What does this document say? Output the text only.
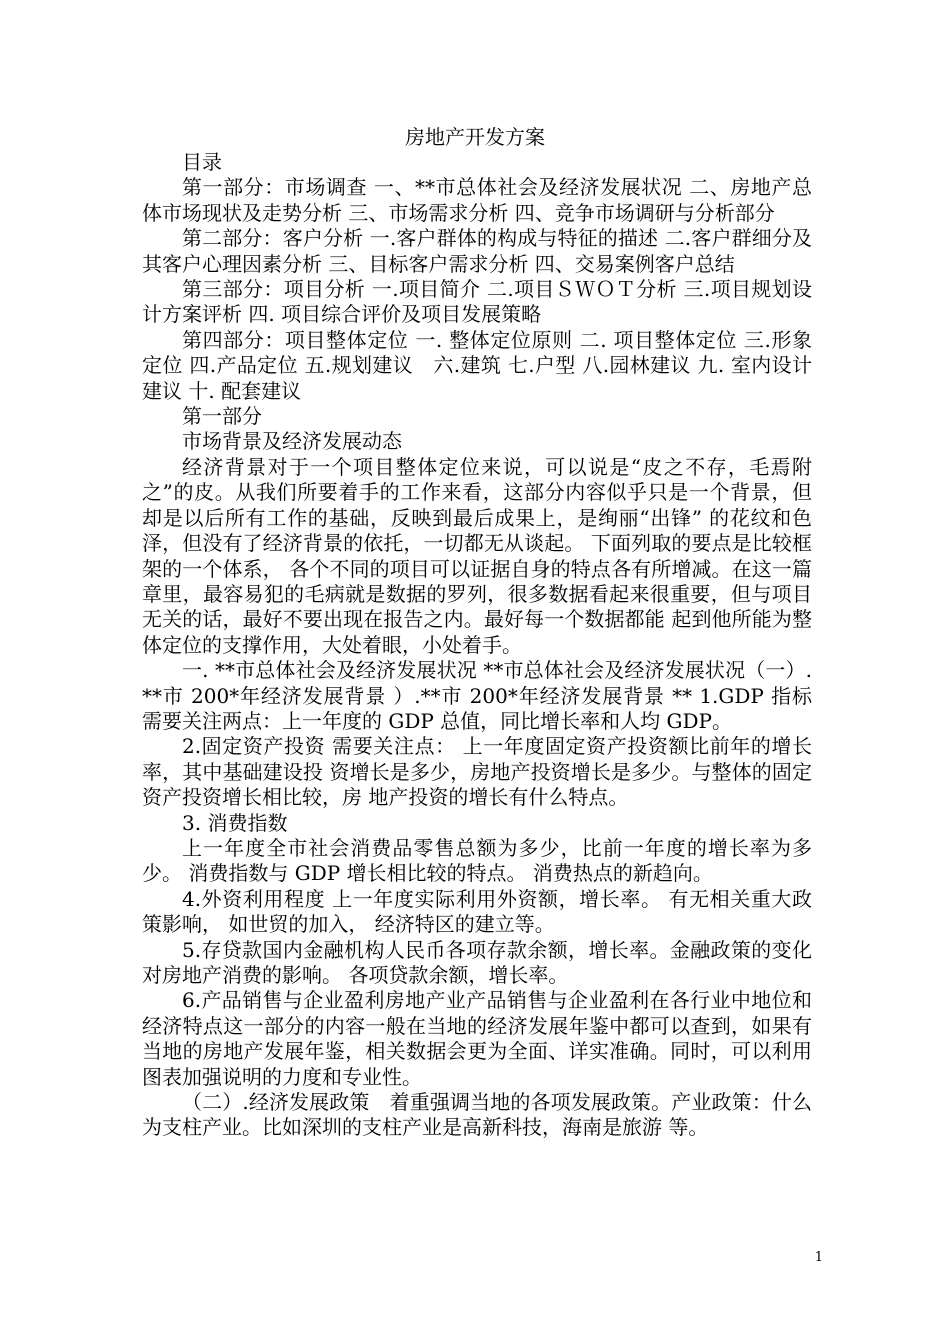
房地产开发方案

目录

第一部分：市场调查 一、**市总体社会及经济发展状况 二、房地产总体市场现状及走势分析 三、市场需求分析 四、竞争市场调研与分析部分

第二部分：客户分析 一.客户群体的构成与特征的描述 二.客户群细分及其客户心理因素分析 三、目标客户需求分析 四、交易案例客户总结

第三部分：项目分析 一.项目简介 二.项目ＳＷＯＴ分析 三.项目规划设计方案评析 四. 项目综合评价及项目发展策略

第四部分：项目整体定位 一. 整体定位原则 二. 项目整体定位 三.形象定位 四.产品定位 五.规划建议　六.建筑 七.户型 八.园林建议 九. 室内设计建议 十. 配套建议

第一部分

市场背景及经济发展动态

经济背景对于一个项目整体定位来说，可以说是“皮之不存，毛焉附之”的皮。从我们所要着手的工作来看，这部分内容似乎只是一个背景，但却是以后所有工作的基础，反映到最后成果上，是绚丽“出锋” 的花纹和色泽，但没有了经济背景的依托，一切都无从谈起。 下面列取的要点是比较框架的一个体系， 各个不同的项目可以证据自身的特点各有所增减。在这一篇章里，最容易犯的毛病就是数据的罗列，很多数据看起来很重要，但与项目无关的话，最好不要出现在报告之内。最好每一个数据都能 起到他所能为整体定位的支撑作用，大处着眼，小处着手。

一. **市总体社会及经济发展状况 **市总体社会及经济发展状况（一）.**市 200*年经济发展背景 ）.**市 200*年经济发展背景 ** 1.GDP 指标 需要关注两点：上一年度的 GDP 总值，同比增长率和人均 GDP。

2.固定资产投资 需要关注点： 上一年度固定资产投资额比前年的增长率，其中基础建设投 资增长是多少，房地产投资增长是多少。与整体的固定资产投资增长相比较，房 地产投资的增长有什么特点。

3. 消费指数

上一年度全市社会消费品零售总额为多少，比前一年度的增长率为多少。 消费指数与 GDP 增长相比较的特点。 消费热点的新趋向。

4.外资利用程度 上一年度实际利用外资额，增长率。 有无相关重大政策影响， 如世贸的加入， 经济特区的建立等。

5.存贷款国内金融机构人民币各项存款余额，增长率。金融政策的变化对房地产消费的影响。 各项贷款余额，增长率。

6.产品销售与企业盈利房地产业产品销售与企业盈利在各行业中地位和经济特点这一部分的内容一般在当地的经济发展年鉴中都可以查到，如果有当地的房地产发展年鉴，相关数据会更为全面、详实准确。同时，可以利用图表加强说明的力度和专业性。

（二）.经济发展政策　着重强调当地的各项发展政策。产业政策：什么为支柱产业。比如深圳的支柱产业是高新科技，海南是旅游 等。

1
